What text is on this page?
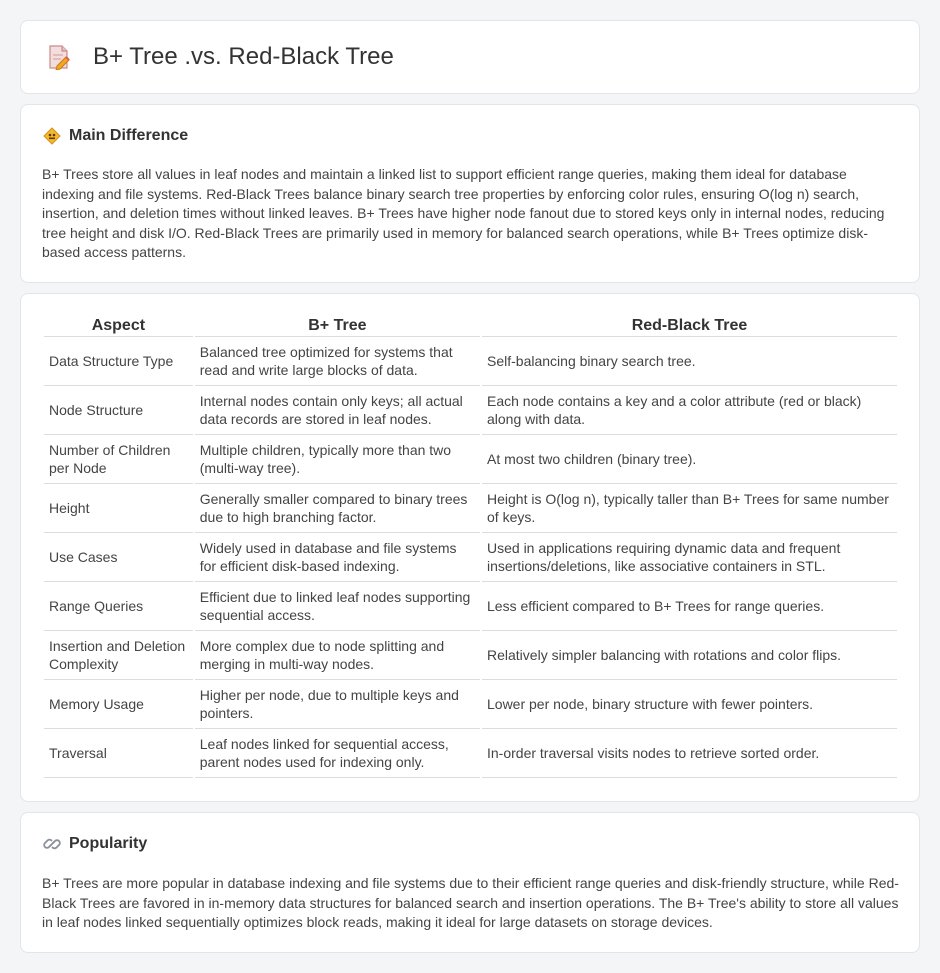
B+ Tree .vs. Red-Black Tree
Main Difference

B+ Trees store all values in leaf nodes and maintain a linked list to support efficient range queries, making them ideal for database indexing and file systems. Red-Black Trees balance binary search tree properties by enforcing color rules, ensuring O(log n) search, insertion, and deletion times without linked leaves. B+ Trees have higher node fanout due to stored keys only in internal nodes, reducing tree height and disk I/O. Red-Black Trees are primarily used in memory for balanced search operations, while B+ Trees optimize disk-based access patterns.

Aspect	B+ Tree	Red-Black Tree
Data Structure Type	Balanced tree optimized for systems that read and write large blocks of data.	Self-balancing binary search tree.
Node Structure	Internal nodes contain only keys; all actual data records are stored in leaf nodes.	Each node contains a key and a color attribute (red or black) along with data.
Number of Children per Node	Multiple children, typically more than two (multi-way tree).	At most two children (binary tree).
Height	Generally smaller compared to binary trees due to high branching factor.	Height is O(log n), typically taller than B+ Trees for same number of keys.
Use Cases	Widely used in database and file systems for efficient disk-based indexing.	Used in applications requiring dynamic data and frequent insertions/deletions, like associative containers in STL.
Range Queries	Efficient due to linked leaf nodes supporting sequential access.	Less efficient compared to B+ Trees for range queries.
Insertion and Deletion Complexity	More complex due to node splitting and merging in multi-way nodes.	Relatively simpler balancing with rotations and color flips.
Memory Usage	Higher per node, due to multiple keys and pointers.	Lower per node, binary structure with fewer pointers.
Traversal	Leaf nodes linked for sequential access, parent nodes used for indexing only.	In-order traversal visits nodes to retrieve sorted order.
Popularity

B+ Trees are more popular in database indexing and file systems due to their efficient range queries and disk-friendly structure, while Red-Black Trees are favored in in-memory data structures for balanced search and insertion operations. The B+ Tree's ability to store all values in leaf nodes linked sequentially optimizes block reads, making it ideal for large datasets on storage devices.
